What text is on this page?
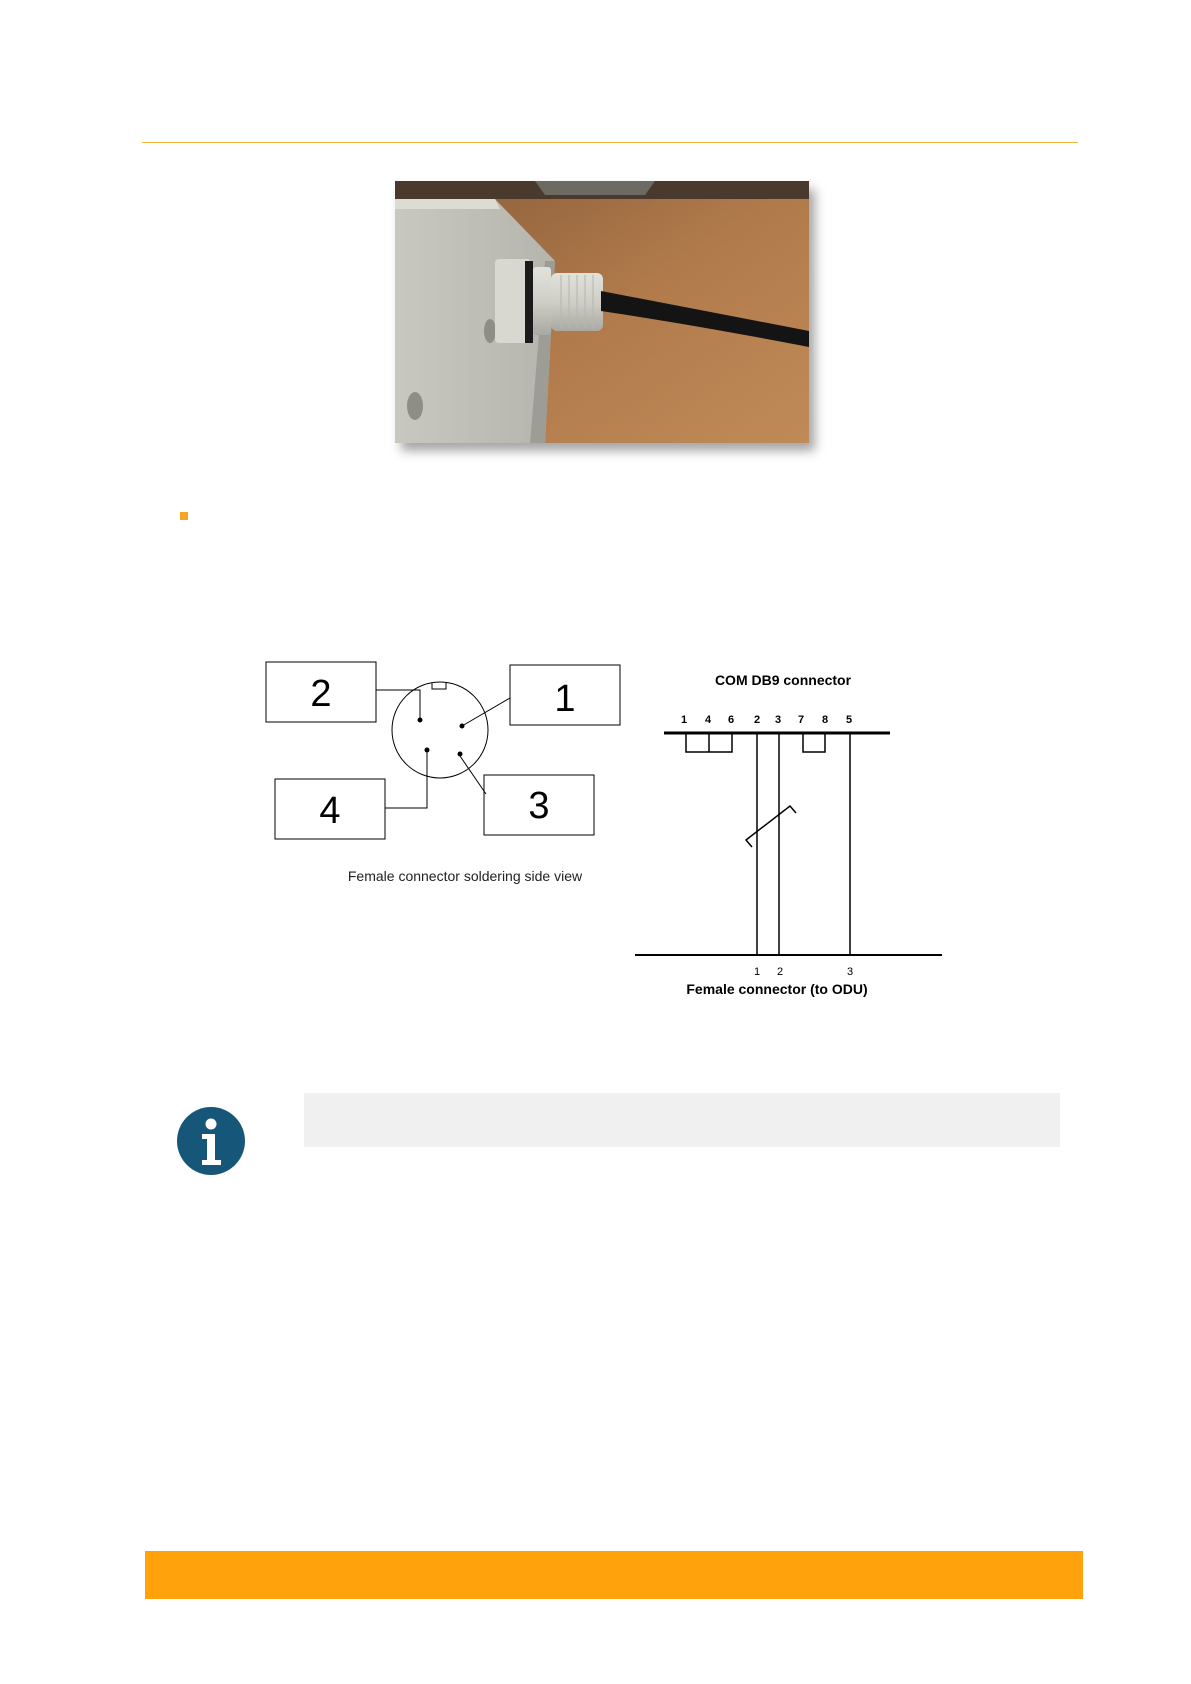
2	1
4	3
Female connector soldering side view
COM DB9 connector
1 4 6 2 3 7 8 5
1 2	3
Female connector (to ODU)
